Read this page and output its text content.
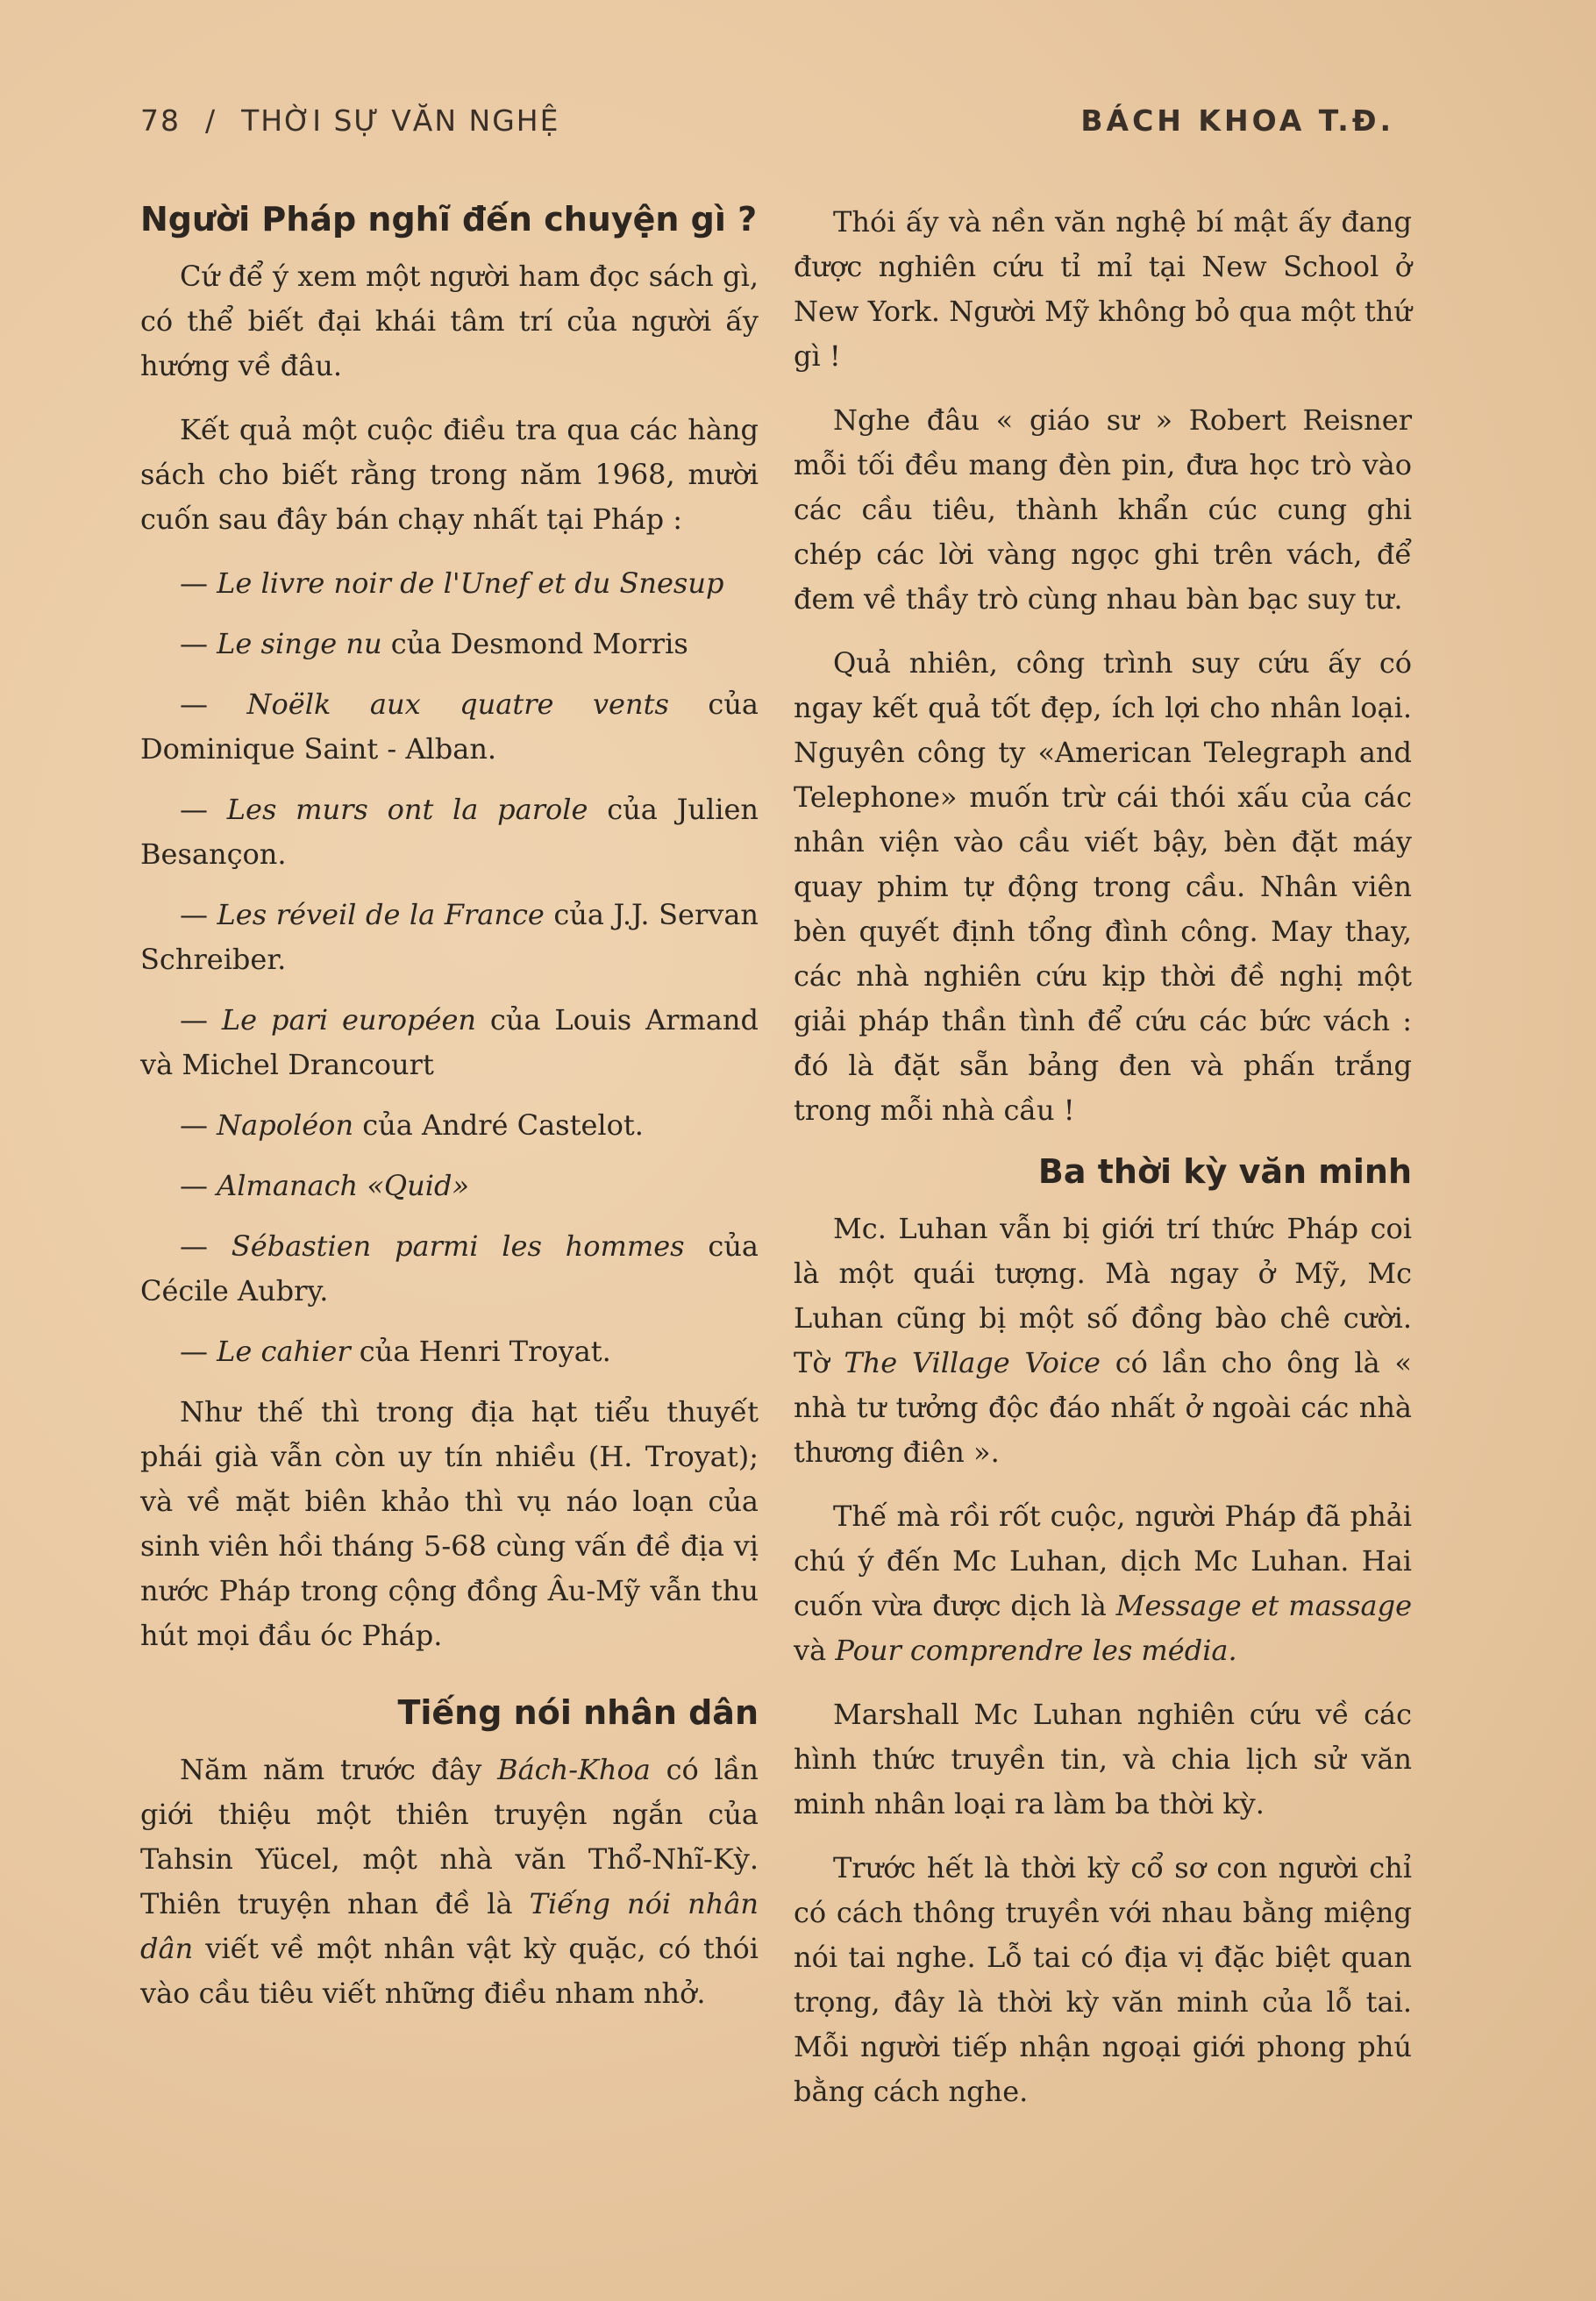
78 / THỜI SỰ VĂN NGHỆ	BÁCH KHOA T.Đ.
Người Pháp nghĩ đến chuyện gì ?

Cứ để ý xem một người ham đọc sách gì, có thể biết đại khái tâm trí của người ấy hướng về đâu.

Kết quả một cuộc điều tra qua các hàng sách cho biết rằng trong năm 1968, mười cuốn sau đây bán chạy nhất tại Pháp :

— Le livre noir de l'Unef et du Snesup

— Le singe nu của Desmond Morris

— Noëlk aux quatre vents của Dominique Saint - Alban.

— Les murs ont la parole của Julien Besançon.

— Les réveil de la France của J.J. Servan Schreiber.

— Le pari européen của Louis Armand và Michel Drancourt

— Napoléon của André Castelot.

— Almanach «Quid»

— Sébastien parmi les hommes của Cécile Aubry.

— Le cahier của Henri Troyat.

Như thế thì trong địa hạt tiểu thuyết phái già vẫn còn uy tín nhiều (H. Troyat); và về mặt biên khảo thì vụ náo loạn của sinh viên hồi tháng 5-68 cùng vấn đề địa vị nước Pháp trong cộng đồng Âu-Mỹ vẫn thu hút mọi đầu óc Pháp.

Tiếng nói nhân dân

Năm năm trước đây Bách-Khoa có lần giới thiệu một thiên truyện ngắn của Tahsin Yücel, một nhà văn Thổ-Nhĩ-Kỳ. Thiên truyện nhan đề là Tiếng nói nhân dân viết về một nhân vật kỳ quặc, có thói vào cầu tiêu viết những điều nham nhở.

Thói ấy và nền văn nghệ bí mật ấy đang được nghiên cứu tỉ mỉ tại New School ở New York. Người Mỹ không bỏ qua một thứ gì !

Nghe đâu « giáo sư » Robert Reisner mỗi tối đều mang đèn pin, đưa học trò vào các cầu tiêu, thành khẩn cúc cung ghi chép các lời vàng ngọc ghi trên vách, để đem về thầy trò cùng nhau bàn bạc suy tư.

Quả nhiên, công trình suy cứu ấy có ngay kết quả tốt đẹp, ích lợi cho nhân loại. Nguyên công ty «American Telegraph and Telephone» muốn trừ cái thói xấu của các nhân viện vào cầu viết bậy, bèn đặt máy quay phim tự động trong cầu. Nhân viên bèn quyết định tổng đình công. May thay, các nhà nghiên cứu kịp thời đề nghị một giải pháp thần tình để cứu các bức vách : đó là đặt sẵn bảng đen và phấn trắng trong mỗi nhà cầu !

Ba thời kỳ văn minh

Mc. Luhan vẫn bị giới trí thức Pháp coi là một quái tượng. Mà ngay ở Mỹ, Mc Luhan cũng bị một số đồng bào chê cười. Tờ The Village Voice có lần cho ông là « nhà tư tưởng độc đáo nhất ở ngoài các nhà thương điên ».

Thế mà rồi rốt cuộc, người Pháp đã phải chú ý đến Mc Luhan, dịch Mc Luhan. Hai cuốn vừa được dịch là Message et massage và Pour comprendre les média.

Marshall Mc Luhan nghiên cứu về các hình thức truyền tin, và chia lịch sử văn minh nhân loại ra làm ba thời kỳ.

Trước hết là thời kỳ cổ sơ con người chỉ có cách thông truyền với nhau bằng miệng nói tai nghe. Lỗ tai có địa vị đặc biệt quan trọng, đây là thời kỳ văn minh của lỗ tai. Mỗi người tiếp nhận ngoại giới phong phú bằng cách nghe.
